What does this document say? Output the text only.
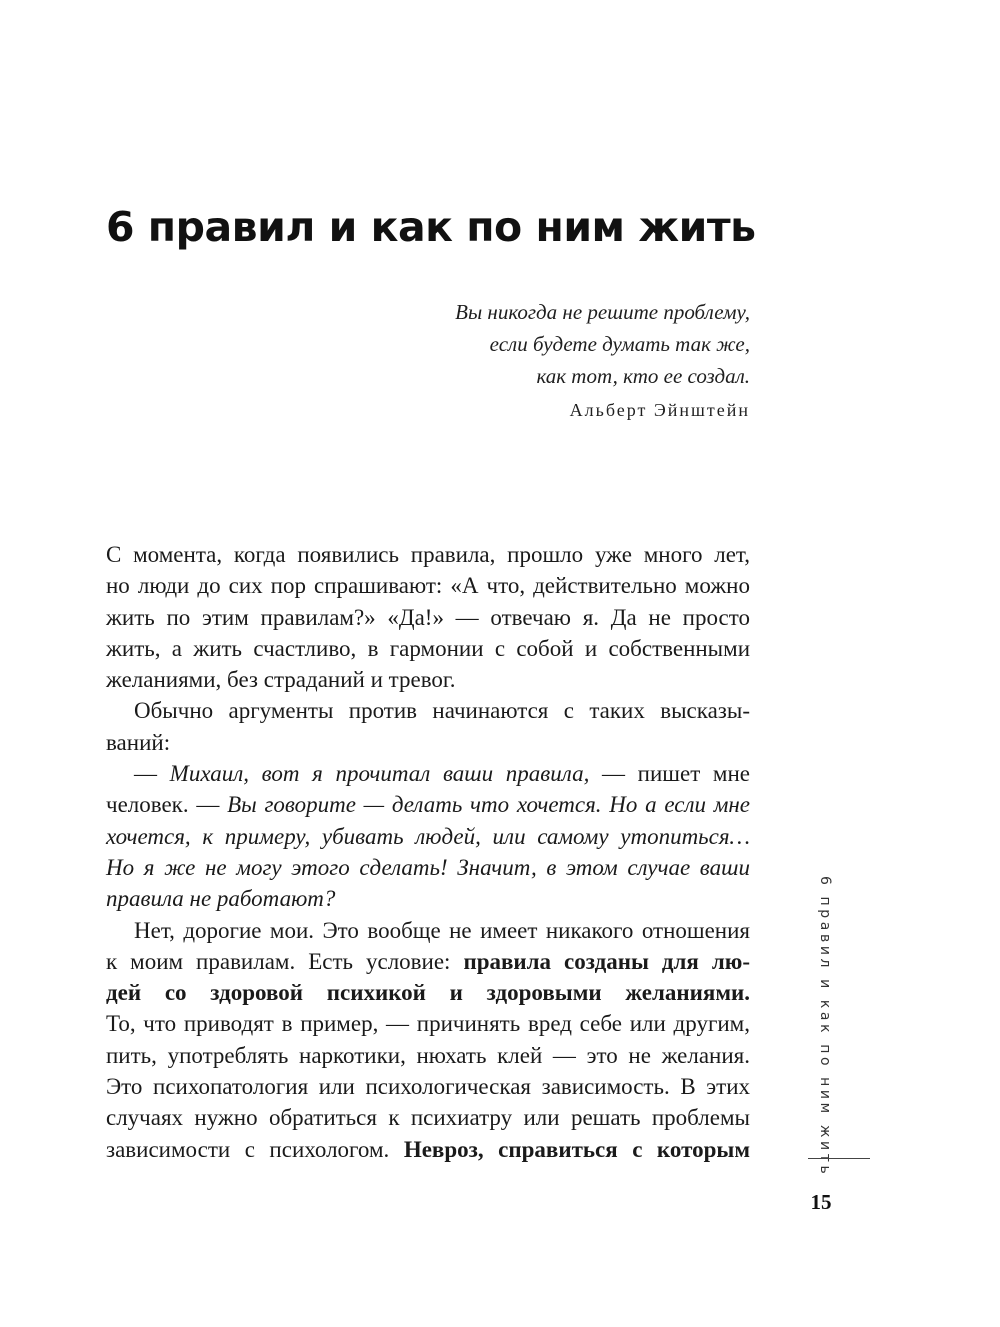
6 правил и как по ним жить
Вы никогда не решите проблему,
если будете думать так же,
как тот, кто ее создал.
Альберт Эйнштейн
С момента, когда появились правила, прошло уже много лет,
но люди до сих пор спрашивают: «А что, действительно можно
жить по этим правилам?» «Да!» — отвечаю я. Да не просто
жить, а жить счастливо, в гармонии с собой и собственными
желаниями, без страданий и тревог.
Обычно аргументы против начинаются с таких высказы-
ваний:
— Михаил, вот я прочитал ваши правила, — пишет мне
человек. — Вы говорите — делать что хочется. Но а если мне
хочется, к примеру, убивать людей, или самому утопиться…
Но я же не могу этого сделать! Значит, в этом случае ваши
правила не работают?
Нет, дорогие мои. Это вообще не имеет никакого отношения
к моим правилам. Есть условие: правила созданы для лю-
дей со здоровой психикой и здоровыми желаниями.
То, что приводят в пример, — причинять вред себе или другим,
пить, употреблять наркотики, нюхать клей — это не желания.
Это психопатология или психологическая зависимость. В этих
случаях нужно обратиться к психиатру или решать проблемы
зависимости с психологом. Невроз, справиться с которым	6 правил и как по ним жить
15
